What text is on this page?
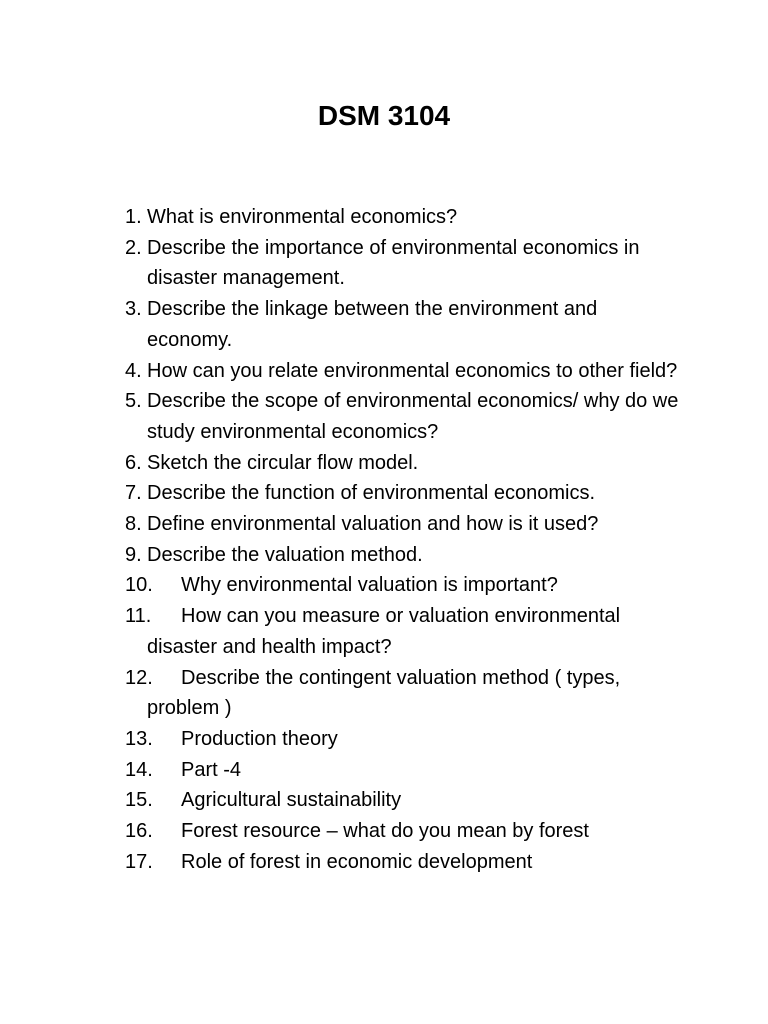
DSM 3104
1. What is environmental economics?
2. Describe the importance of environmental economics in disaster management.
3. Describe the linkage between the environment and economy.
4. How can you relate environmental economics to other field?
5. Describe the scope of environmental economics/ why do we study environmental economics?
6. Sketch the circular flow model.
7. Describe the function of environmental economics.
8. Define environmental valuation and how is it used?
9. Describe the valuation method.
10.	Why environmental valuation is important?
11.	How can you measure or valuation environmental disaster and health impact?
12.	Describe the contingent valuation method ( types, problem )
13.	Production theory
14.	Part -4
15.	Agricultural sustainability
16.	Forest resource – what do you mean by forest
17.	Role of forest in economic development
